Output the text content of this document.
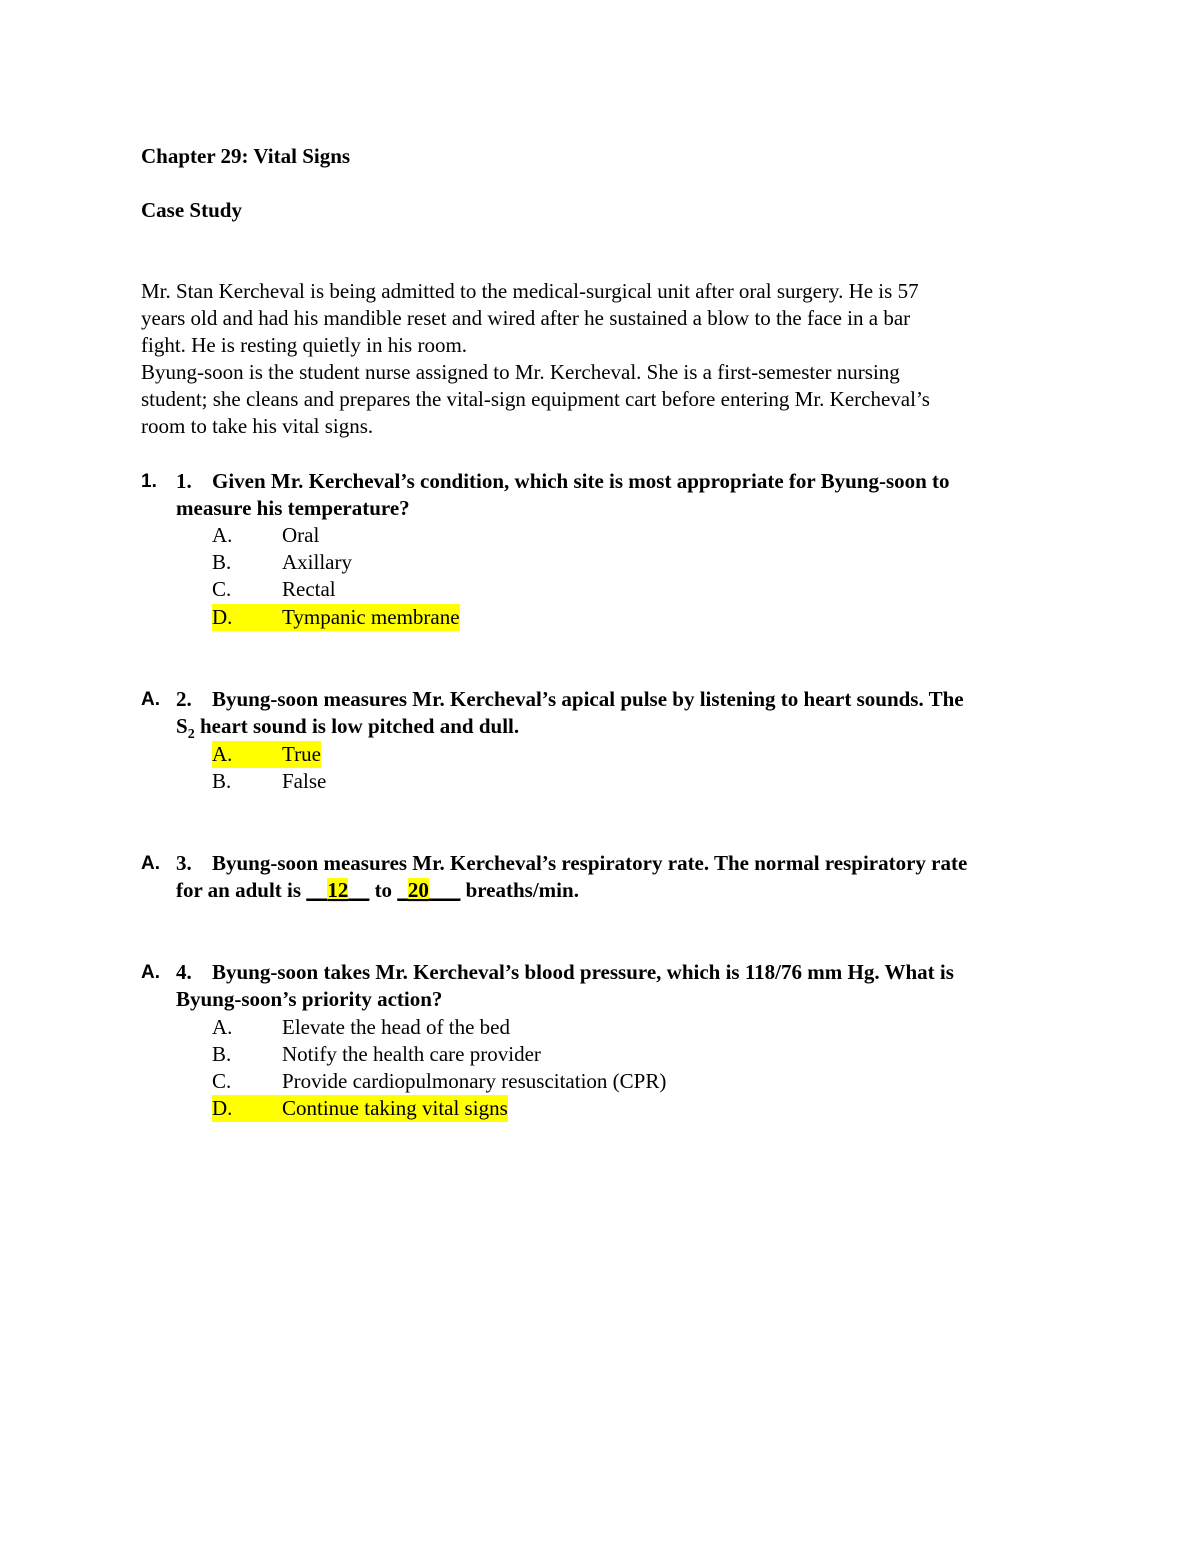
Chapter 29: Vital Signs
Case Study
Mr. Stan Kercheval is being admitted to the medical-surgical unit after oral surgery. He is 57
years old and had his mandible reset and wired after he sustained a blow to the face in a bar
fight. He is resting quietly in his room.
Byung-soon is the student nurse assigned to Mr. Kercheval. She is a first-semester nursing
student; she cleans and prepares the vital-sign equipment cart before entering Mr. Kercheval’s
room to take his vital signs.
1. 1. Given Mr. Kercheval’s condition, which site is most appropriate for Byung-soon to
measure his temperature?
A. Oral
B. Axillary
C. Rectal
D. Tympanic membrane
A. 2. Byung-soon measures Mr. Kercheval’s apical pulse by listening to heart sounds. The
$S_2$ heart sound is low pitched and dull.
A. True
B. False
A. 3. Byung-soon measures Mr. Kercheval’s respiratory rate. The normal respiratory rate
for an adult is __12__ to _20___ breaths/min.
A. 4. Byung-soon takes Mr. Kercheval’s blood pressure, which is 118/76 mm Hg. What is
Byung-soon’s priority action?
A. Elevate the head of the bed
B. Notify the health care provider
C. Provide cardiopulmonary resuscitation (CPR)
D. Continue taking vital signs
